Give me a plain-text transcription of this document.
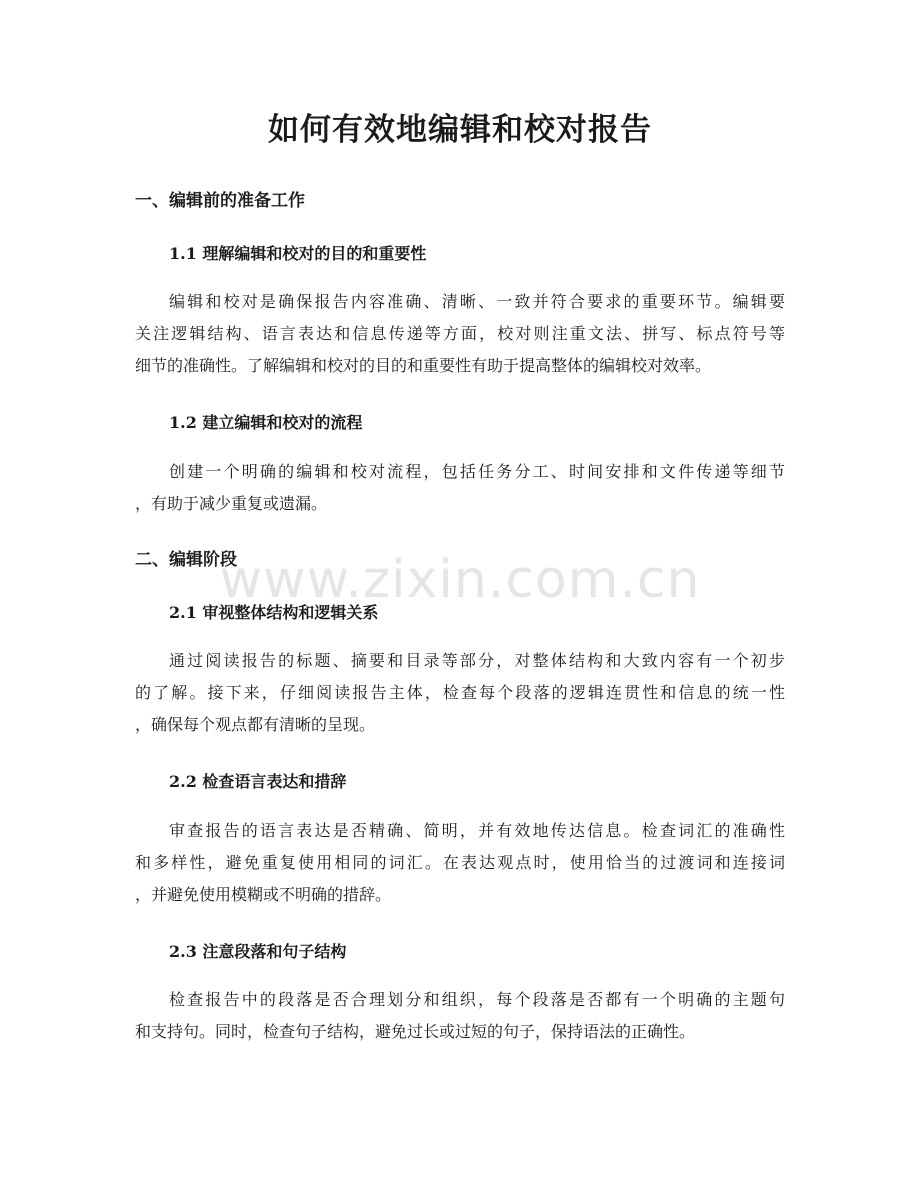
如何有效地编辑和校对报告
一、编辑前的准备工作
1.1 理解编辑和校对的目的和重要性

编辑和校对是确保报告内容准确、清晰、一致并符合要求的重要环节。编辑要
关注逻辑结构、语言表达和信息传递等方面，校对则注重文法、拼写、标点符号等
细节的准确性。了解编辑和校对的目的和重要性有助于提高整体的编辑校对效率。

1.2 建立编辑和校对的流程

创建一个明确的编辑和校对流程，包括任务分工、时间安排和文件传递等细节
，有助于减少重复或遗漏。

二、编辑阶段
2.1 审视整体结构和逻辑关系

通过阅读报告的标题、摘要和目录等部分，对整体结构和大致内容有一个初步
的了解。接下来，仔细阅读报告主体，检查每个段落的逻辑连贯性和信息的统一性
，确保每个观点都有清晰的呈现。

2.2 检查语言表达和措辞

审查报告的语言表达是否精确、简明，并有效地传达信息。检查词汇的准确性
和多样性，避免重复使用相同的词汇。在表达观点时，使用恰当的过渡词和连接词
，并避免使用模糊或不明确的措辞。

2.3 注意段落和句子结构

检查报告中的段落是否合理划分和组织，每个段落是否都有一个明确的主题句
和支持句。同时，检查句子结构，避免过长或过短的句子，保持语法的正确性。

www.zixin.com.cn
